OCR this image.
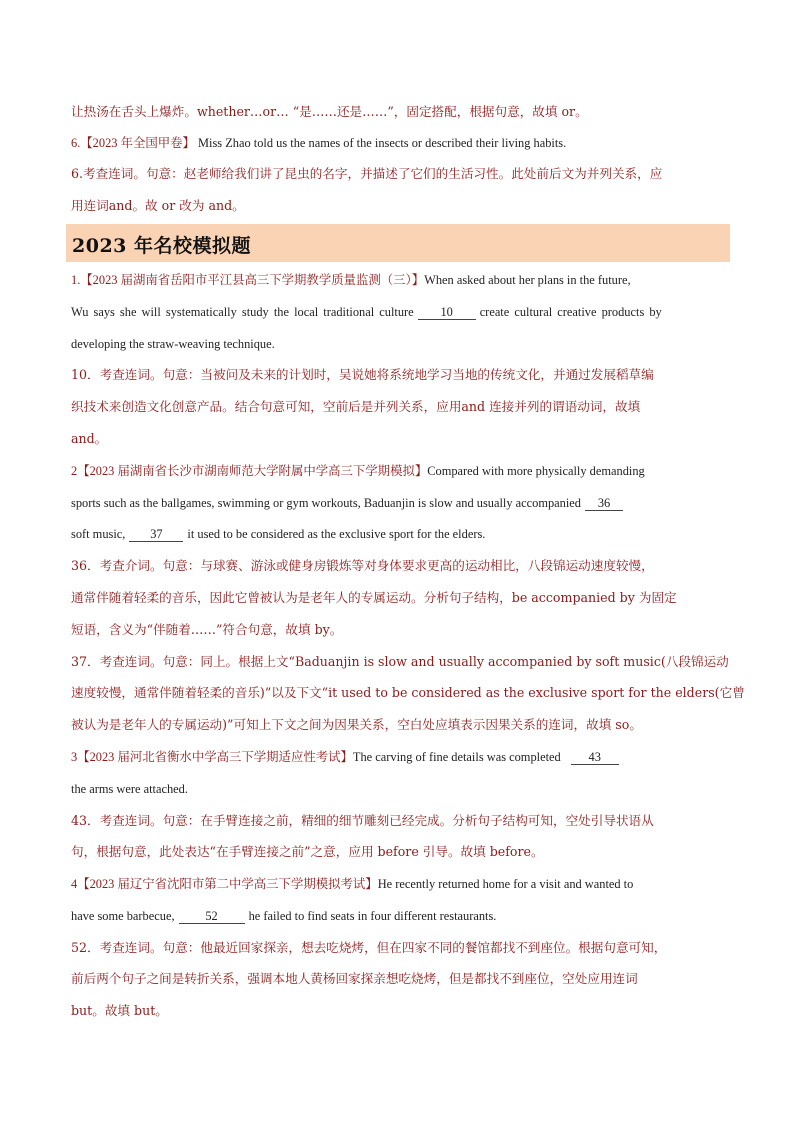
让热汤在舌头上爆炸。whether…or… “是……还是……”，固定搭配，根据句意，故填 or。
6.【2023 年全国甲卷】 Miss Zhao told us the names of the insects or described their living habits.
6.考查连词。句意：赵老师给我们讲了昆虫的名字，并描述了它们的生活习性。此处前后文为并列关系，应
用连词and。故 or 改为 and。
2023 年名校模拟题
1.【2023 届湖南省岳阳市平江县高三下学期教学质量监测（三）】When asked about her plans in the future,
Wu says she will systematically study the local traditional culture 10 create cultural creative products by
developing the straw-weaving technique.
10．考查连词。句意：当被问及未来的计划时，吴说她将系统地学习当地的传统文化，并通过发展稻草编
织技术来创造文化创意产品。结合句意可知，空前后是并列关系，应用and 连接并列的谓语动词，故填
and。
2【2023 届湖南省长沙市湖南师范大学附属中学高三下学期模拟】Compared with more physically demanding
sports such as the ballgames, swimming or gym workouts, Baduanjin is slow and usually accompanied 36
soft music, 37 it used to be considered as the exclusive sport for the elders.
36．考查介词。句意：与球赛、游泳或健身房锻炼等对身体要求更高的运动相比，八段锦运动速度较慢，
通常伴随着轻柔的音乐，因此它曾被认为是老年人的专属运动。分析句子结构，be accompanied by 为固定
短语，含义为“伴随着……”符合句意，故填 by。
37．考查连词。句意：同上。根据上文“Baduanjin is slow and usually accompanied by soft music(八段锦运动
速度较慢，通常伴随着轻柔的音乐)”以及下文“it used to be considered as the exclusive sport for the elders(它曾
被认为是老年人的专属运动)”可知上下文之间为因果关系，空白处应填表示因果关系的连词，故填 so。
3【2023 届河北省衡水中学高三下学期适应性考试】The carving of fine details was completed 43
the arms were attached.
43．考查连词。句意：在手臂连接之前，精细的细节雕刻已经完成。分析句子结构可知，空处引导状语从
句，根据句意，此处表达“在手臂连接之前”之意，应用 before 引导。故填 before。
4【2023 届辽宁省沈阳市第二中学高三下学期模拟考试】He recently returned home for a visit and wanted to
have some barbecue, 52 he failed to find seats in four different restaurants.
52．考查连词。句意：他最近回家探亲，想去吃烧烤，但在四家不同的餐馆都找不到座位。根据句意可知，
前后两个句子之间是转折关系，强调本地人黄杨回家探亲想吃烧烤，但是都找不到座位，空处应用连词
but。故填 but。
